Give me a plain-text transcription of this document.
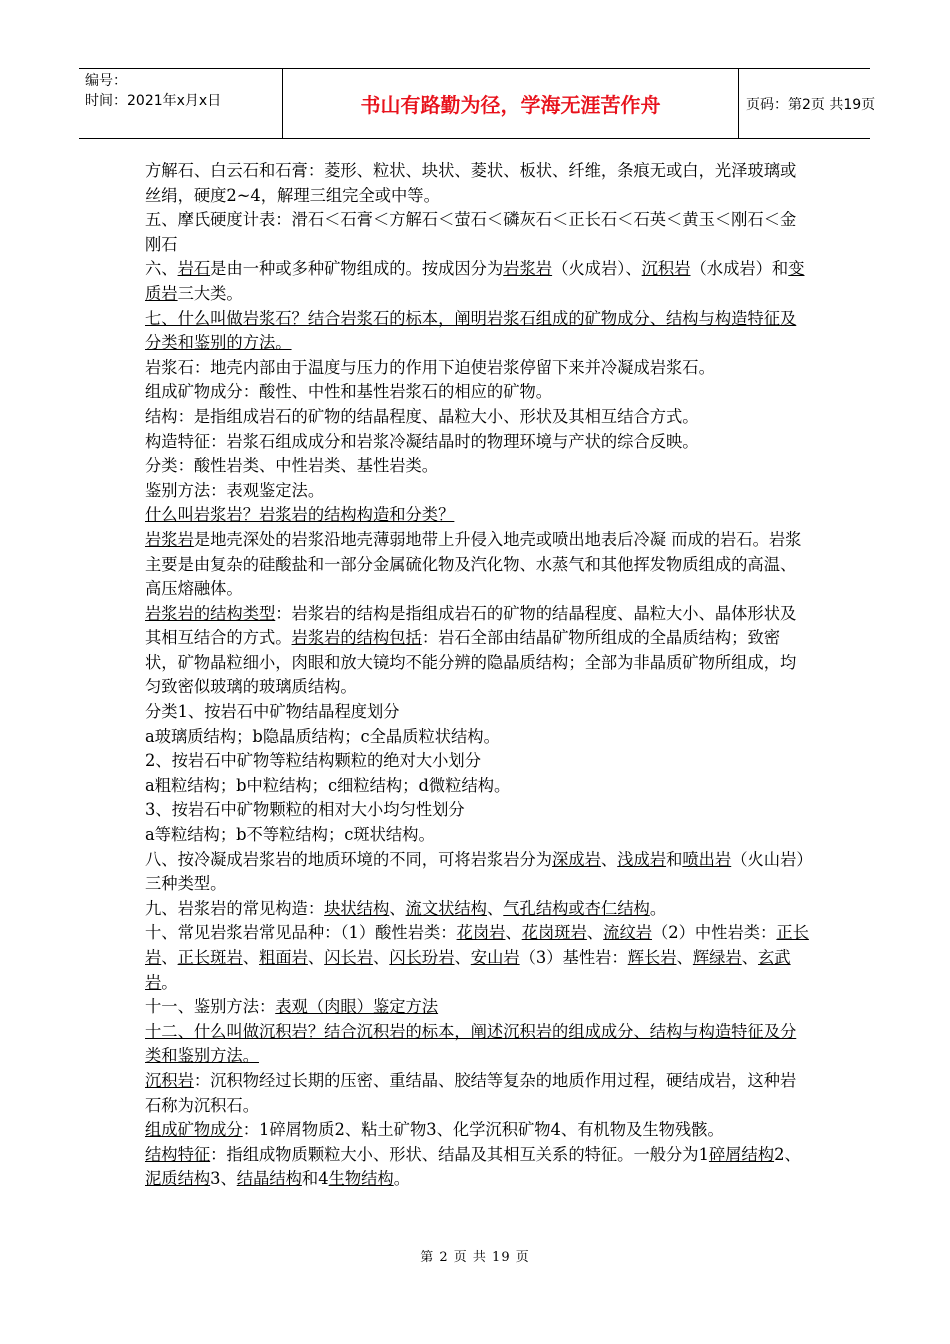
编号：
时间：2021年x月x日	书山有路勤为径，学海无涯苦作舟	页码：第2页 共19页

方解石、白云石和石膏：菱形、粒状、块状、菱状、板状、纤维，条痕无或白，光泽玻璃或丝绢，硬度2~4，解理三组完全或中等。

五、摩氏硬度计表：滑石＜石膏＜方解石＜萤石＜磷灰石＜正长石＜石英＜黄玉＜刚石＜金刚石

六、岩石是由一种或多种矿物组成的。按成因分为岩浆岩（火成岩）、沉积岩（水成岩）和变质岩三大类。

七、什么叫做岩浆石？结合岩浆石的标本，阐明岩浆石组成的矿物成分、结构与构造特征及分类和鉴别的方法。

岩浆石：地壳内部由于温度与压力的作用下迫使岩浆停留下来并冷凝成岩浆石。

组成矿物成分：酸性、中性和基性岩浆石的相应的矿物。

结构：是指组成岩石的矿物的结晶程度、晶粒大小、形状及其相互结合方式。

构造特征：岩浆石组成成分和岩浆冷凝结晶时的物理环境与产状的综合反映。

分类：酸性岩类、中性岩类、基性岩类。

鉴别方法：表观鉴定法。

什么叫岩浆岩？岩浆岩的结构构造和分类？

岩浆岩是地壳深处的岩浆沿地壳薄弱地带上升侵入地壳或喷出地表后冷凝 而成的岩石。岩浆主要是由复杂的硅酸盐和一部分金属硫化物及汽化物、水蒸气和其他挥发物质组成的高温、高压熔融体。

岩浆岩的结构类型：岩浆岩的结构是指组成岩石的矿物的结晶程度、晶粒大小、晶体形状及其相互结合的方式。岩浆岩的结构包括：岩石全部由结晶矿物所组成的全晶质结构；致密状，矿物晶粒细小，肉眼和放大镜均不能分辨的隐晶质结构；全部为非晶质矿物所组成，均匀致密似玻璃的玻璃质结构。

分类1、按岩石中矿物结晶程度划分

a玻璃质结构；b隐晶质结构；c全晶质粒状结构。

2、按岩石中矿物等粒结构颗粒的绝对大小划分

a粗粒结构；b中粒结构；c细粒结构；d微粒结构。

3、按岩石中矿物颗粒的相对大小均匀性划分

a等粒结构；b不等粒结构；c斑状结构。

八、按冷凝成岩浆岩的地质环境的不同，可将岩浆岩分为深成岩、浅成岩和喷出岩（火山岩）三种类型。

九、岩浆岩的常见构造：块状结构、流文状结构、气孔结构或杏仁结构。

十、常见岩浆岩常见品种：（1）酸性岩类：花岗岩、花岗斑岩、流纹岩（2）中性岩类：正长岩、正长斑岩、粗面岩、闪长岩、闪长玢岩、安山岩（3）基性岩：辉长岩、辉绿岩、玄武岩。

十一、鉴别方法：表观（肉眼）鉴定方法

十二、什么叫做沉积岩？结合沉积岩的标本，阐述沉积岩的组成成分、结构与构造特征及分类和鉴别方法。

沉积岩：沉积物经过长期的压密、重结晶、胶结等复杂的地质作用过程，硬结成岩，这种岩石称为沉积石。

组成矿物成分：1碎屑物质2、粘土矿物3、化学沉积矿物4、有机物及生物残骸。

结构特征：指组成物质颗粒大小、形状、结晶及其相互关系的特征。一般分为1碎屑结构2、泥质结构3、结晶结构和4生物结构。

第 2 页 共 19 页
